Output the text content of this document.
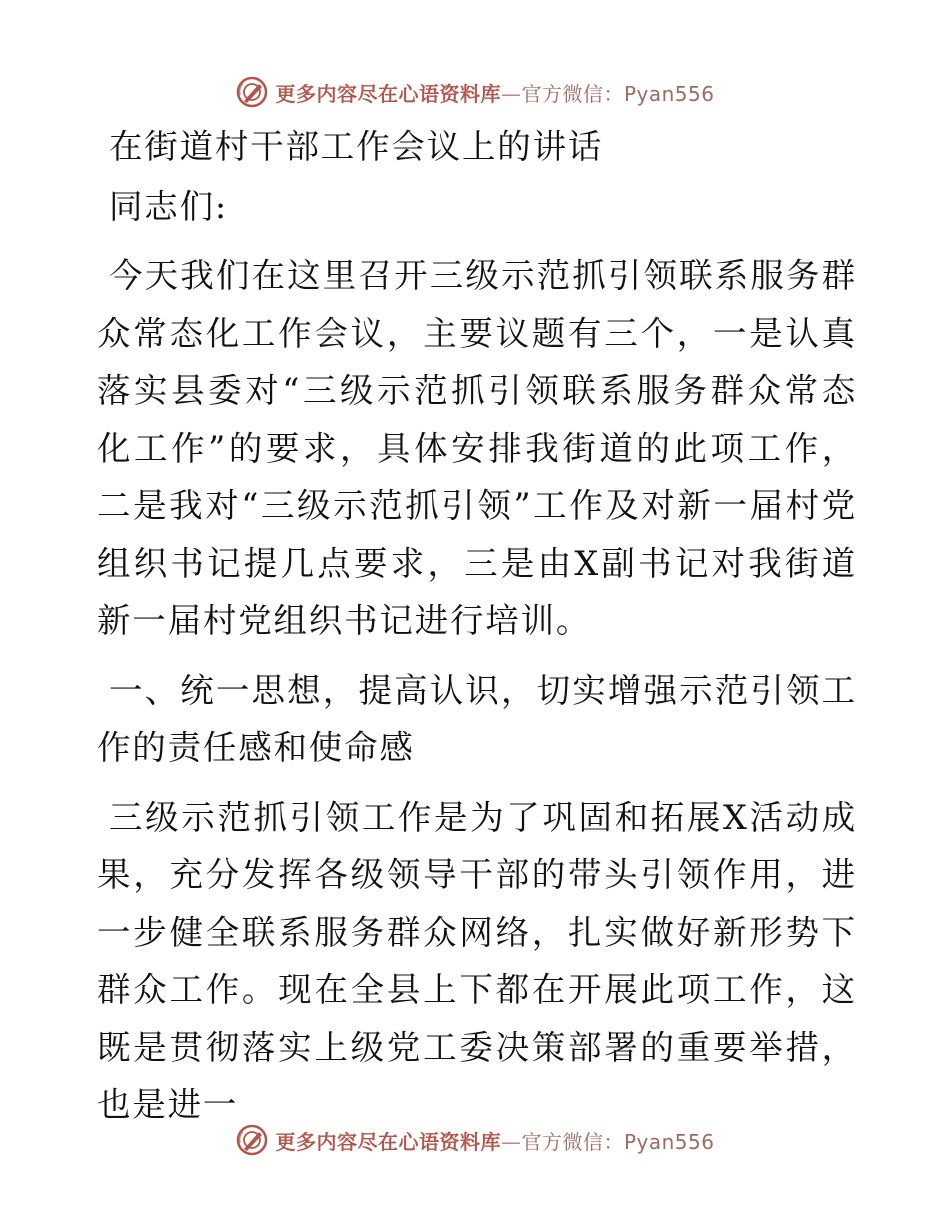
更多内容尽在心语资料库—官方微信：Pyan556

在街道村干部工作会议上的讲话

同志们:

今天我们在这里召开三级示范抓引领联系服务群众常态化工作会议，主要议题有三个，一是认真落实县委对“三级示范抓引领联系服务群众常态化工作”的要求，具体安排我街道的此项工作，二是我对“三级示范抓引领”工作及对新一届村党组织书记提几点要求，三是由X副书记对我街道新一届村党组织书记进行培训。

一、统一思想，提高认识，切实增强示范引领工作的责任感和使命感

三级示范抓引领工作是为了巩固和拓展X活动成果，充分发挥各级领导干部的带头引领作用，进一步健全联系服务群众网络，扎实做好新形势下群众工作。现在全县上下都在开展此项工作，这既是贯彻落实上级党工委决策部署的重要举措，也是进一

更多内容尽在心语资料库—官方微信：Pyan556
